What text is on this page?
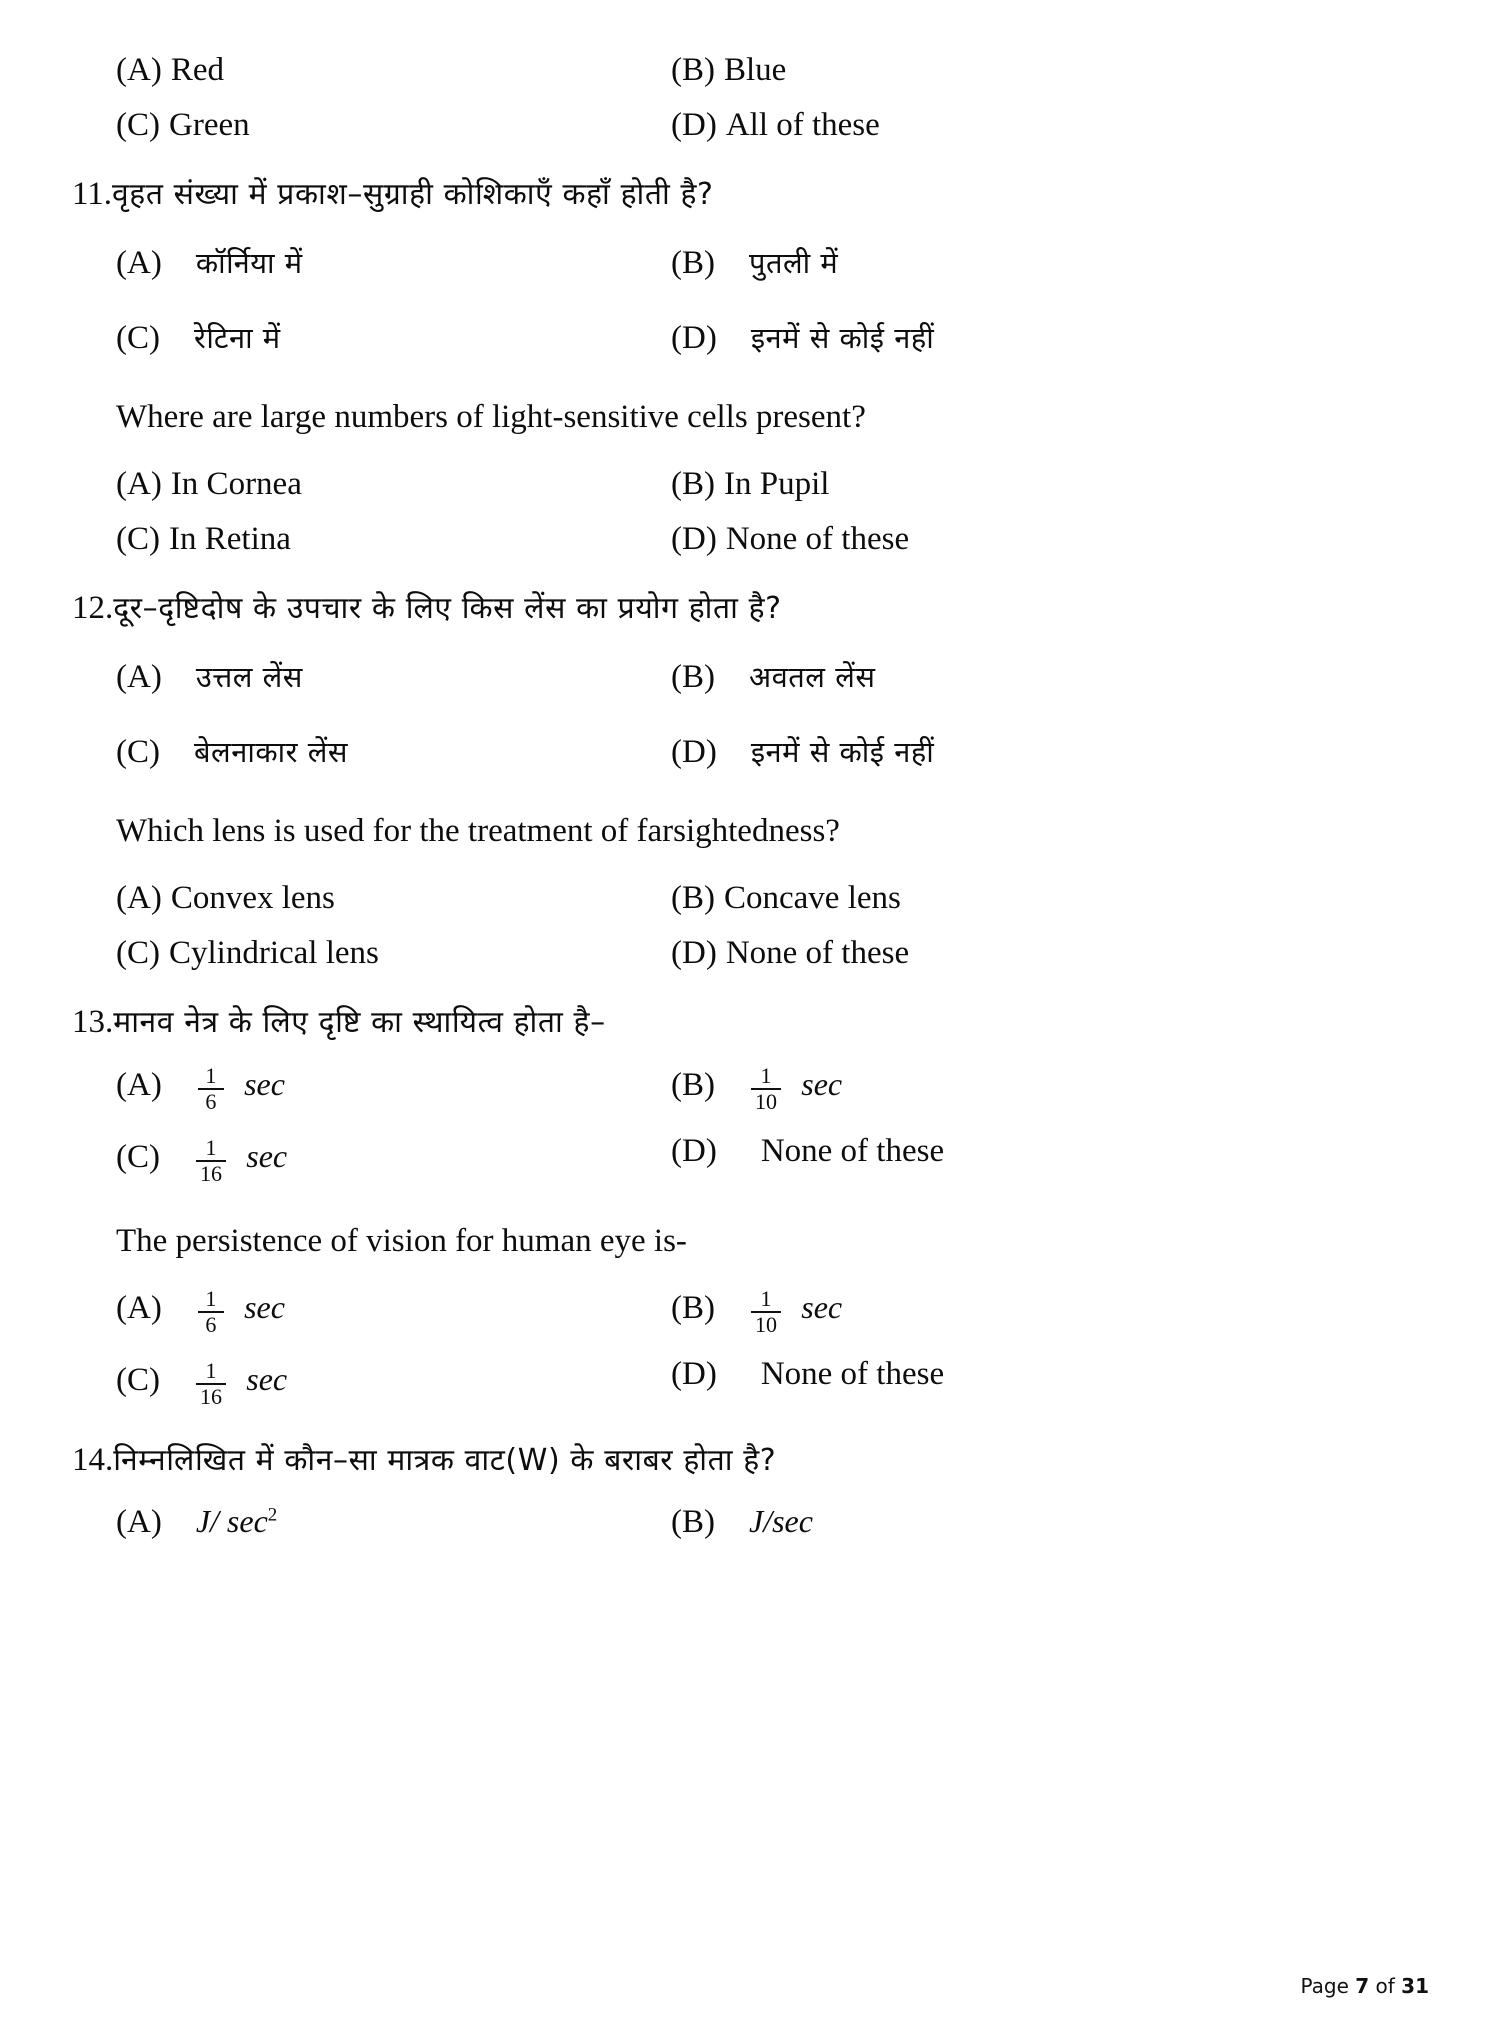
(A) Red	(B) Blue
(C) Green	(D) All of these
11. वृहत संख्या में प्रकाश–सुग्राही कोशिकाएँ कहाँ होती है?
(A) कॉर्निया में	(B) पुतली में
(C) रेटिना में	(D) इनमें से कोई नहीं
Where are large numbers of light-sensitive cells present?
(A) In Cornea	(B) In Pupil
(C) In Retina	(D) None of these
12. दूर–दृष्टिदोष के उपचार के लिए किस लेंस का प्रयोग होता है?
(A) उत्तल लेंस	(B) अवतल लेंस
(C) बेलनाकार लेंस	(D) इनमें से कोई नहीं
Which lens is used for the treatment of farsightedness?
(A) Convex lens	(B) Concave lens
(C) Cylindrical lens	(D) None of these
13. मानव नेत्र के लिए दृष्टि का स्थायित्व होता है–
$(A) \frac{1}{6}$ sec	$(B) \frac{1}{10}$ sec
$(C) \frac{1}{16}$ sec	(D) None of these
The persistence of vision for human eye is-
$(A) \frac{1}{6}$ sec	$(B) \frac{1}{10}$ sec
$(C) \frac{1}{16}$ sec	(D) None of these
14. निम्नलिखित में कौन–सा मात्रक वाट(W) के बराबर होता है?
(A) J/ $\sec^2$	(B) J/sec
Page 7 of 31
